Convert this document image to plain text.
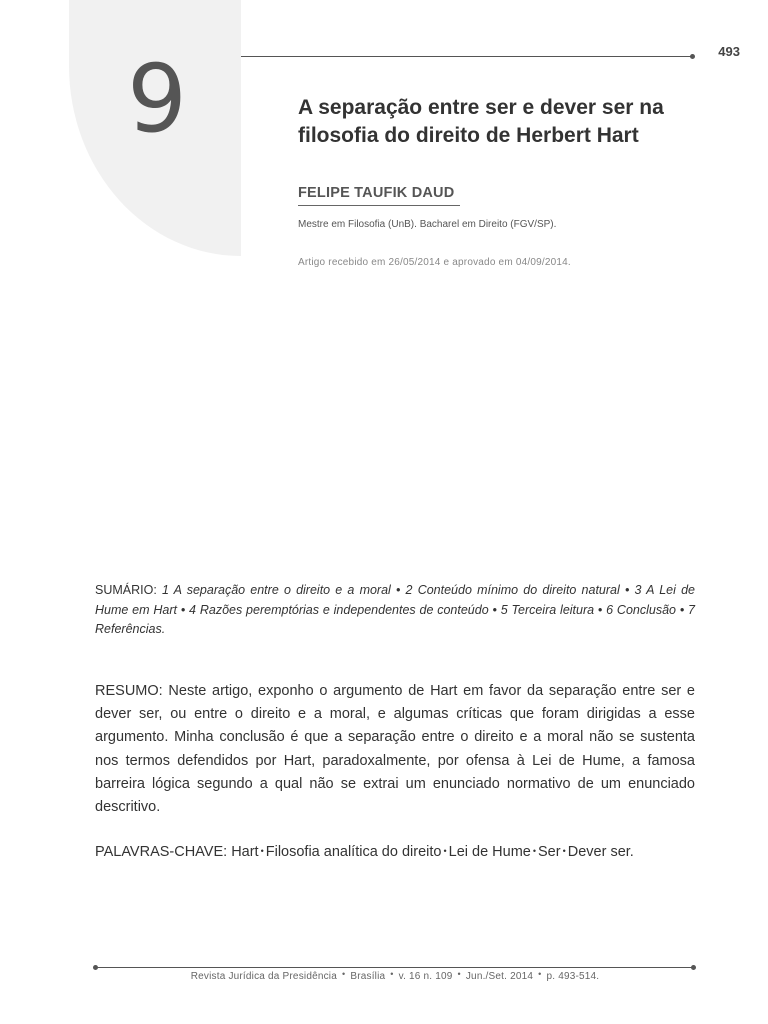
9	493
A separação entre ser e dever ser na filosofia do direito de Herbert Hart
FELIPE TAUFIK DAUD
Mestre em Filosofia (UnB). Bacharel em Direito (FGV/SP).
Artigo recebido em 26/05/2014 e aprovado em 04/09/2014.

SUMÁRIO: 1 A separação entre o direito e a moral • 2 Conteúdo mínimo do direito natural • 3 A Lei de Hume em Hart • 4 Razões peremptórias e independentes de conteúdo • 5 Terceira leitura • 6 Conclusão • 7 Referências.

RESUMO: Neste artigo, exponho o argumento de Hart em favor da separação entre ser e dever ser, ou entre o direito e a moral, e algumas críticas que foram dirigidas a esse argumento. Minha conclusão é que a separação entre o direito e a moral não se sustenta nos termos defendidos por Hart, paradoxalmente, por ofensa à Lei de Hume, a famosa barreira lógica segundo a qual não se extrai um enunciado normativo de um enunciado descritivo.

PALAVRAS-CHAVE: Hart • Filosofia analítica do direito • Lei de Hume • Ser • Dever ser.

Revista Jurídica da Presidência • Brasília • v. 16 n. 109 • Jun./Set. 2014 • p. 493-514.
